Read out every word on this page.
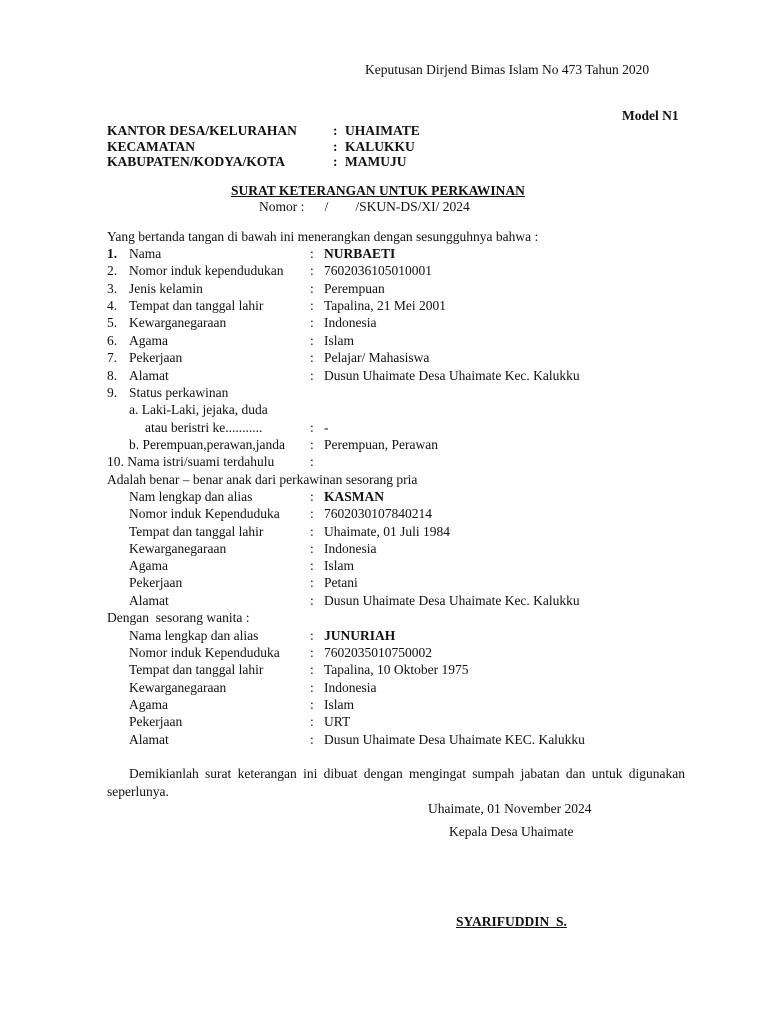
Keputusan Dirjend Bimas Islam No 473 Tahun 2020
Model N1
KANTOR DESA/KELURAHAN	: UHAIMATE
KECAMATAN	: KALUKKU
KABUPATEN/KODYA/KOTA	: MAMUJU
SURAT KETERANGAN UNTUK PERKAWINAN
Nomor :      /        /SKUN-DS/XI/ 2024
Yang bertanda tangan di bawah ini menerangkan dengan sesungguhnya bahwa :
1. Nama	: NURBAETI
2. Nomor induk kependudukan : 7602036105010001
3. Jenis kelamin	: Perempuan
4. Tempat dan tanggal lahir	: Tapalina, 21 Mei 2001
5. Kewarganegaraan	: Indonesia
6. Agama	: Islam
7. Pekerjaan	: Pelajar/ Mahasiswa
8. Alamat	: Dusun Uhaimate Desa Uhaimate Kec. Kalukku
9. Status perkawinan
a. Laki-Laki, jejaka, duda
atau beristri ke...........	: -
b. Perempuan,perawan,janda : Perempuan, Perawan
10. Nama istri/suami terdahulu	:
Adalah benar – benar anak dari perkawinan sesorang pria
Nam lengkap dan alias	: KASMAN
Nomor induk Kependuduka : 7602030107840214
Tempat dan tanggal lahir	: Uhaimate, 01 Juli 1984
Kewarganegaraan	: Indonesia
Agama	: Islam
Pekerjaan	: Petani
Alamat	: Dusun Uhaimate Desa Uhaimate Kec. Kalukku
Dengan  sesorang wanita :
Nama lengkap dan alias	: JUNURIAH
Nomor induk Kependuduka : 7602035010750002
Tempat dan tanggal lahir	: Tapalina, 10 Oktober 1975
Kewarganegaraan	: Indonesia
Agama	: Islam
Pekerjaan	: URT
Alamat	: Dusun Uhaimate Desa Uhaimate KEC. Kalukku
Demikianlah surat keterangan ini dibuat dengan mengingat sumpah jabatan dan untuk digunakan seperlunya.
Uhaimate, 01 November 2024
Kepala Desa Uhaimate
SYARIFUDDIN  S.
